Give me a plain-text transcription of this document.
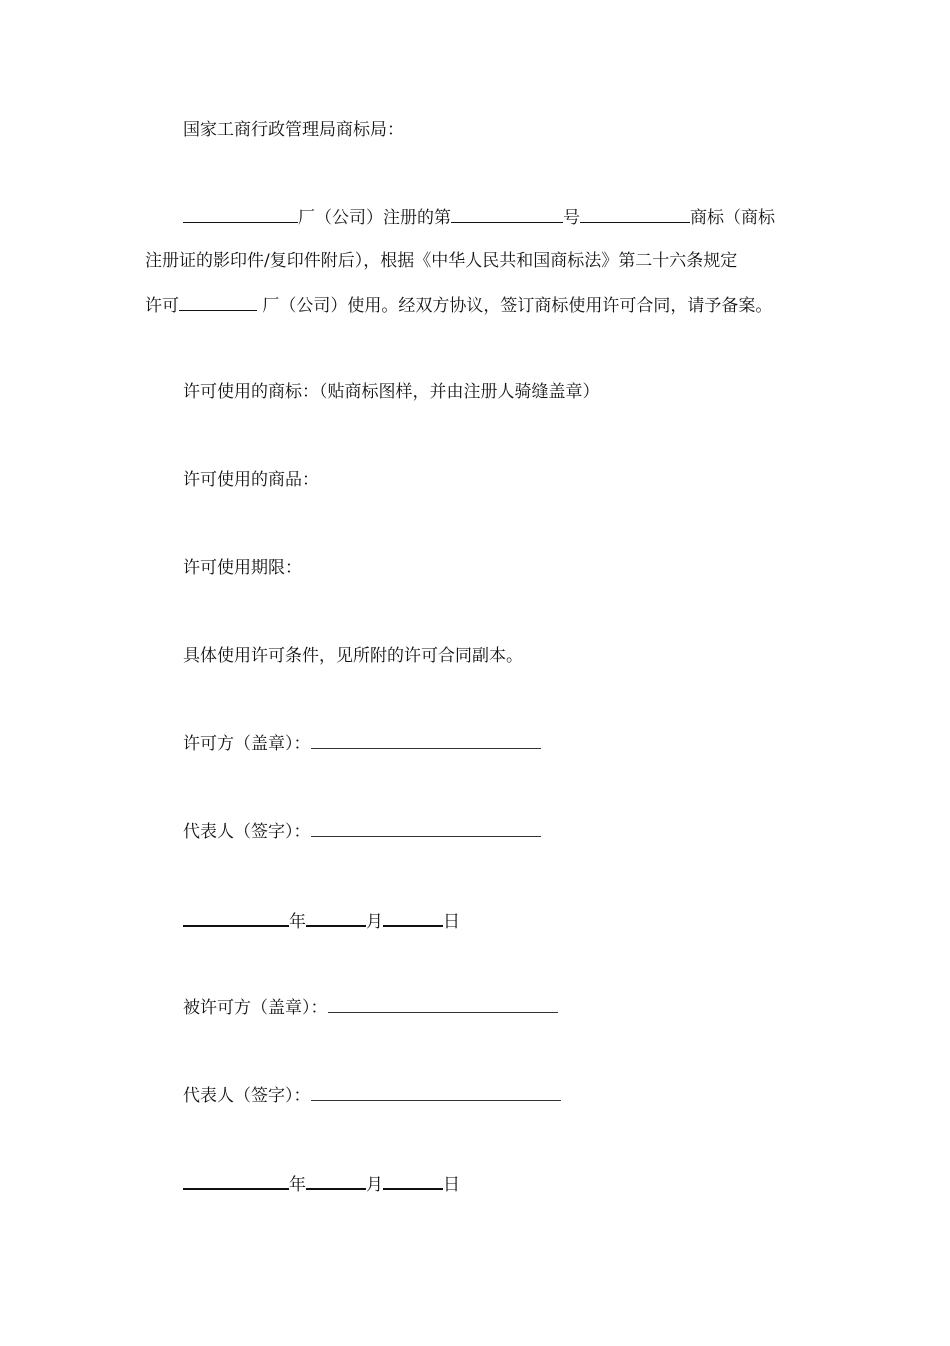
国家工商行政管理局商标局：
厂（公司）注册的第	号	商标（商标
注册证的影印件/复印件附后），根据《中华人民共和国商标法》第二十六条规定
许可	厂（公司）使用。经双方协议，签订商标使用许可合同，请予备案。
许可使用的商标：（贴商标图样，并由注册人骑缝盖章）
许可使用的商品：
许可使用期限：
具体使用许可条件，见所附的许可合同副本。
许可方（盖章）：
代表人（签字）：
年	月	日
被许可方（盖章）：
代表人（签字）：
年	月	日
